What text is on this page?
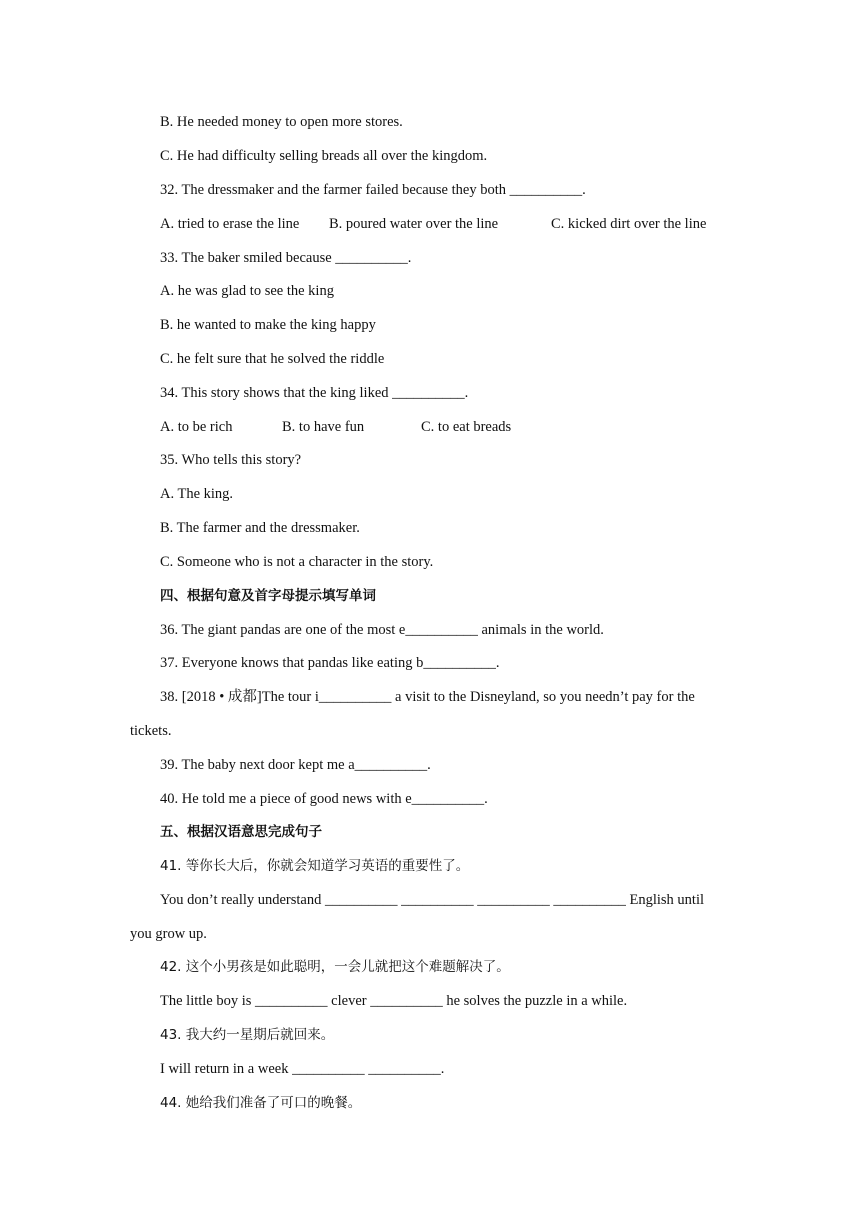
B. He needed money to open more stores.
C. He had difficulty selling breads all over the kingdom.
32. The dressmaker and the farmer failed because they both __________.
A. tried to erase the line B. poured water over the line	C. kicked dirt over the line
33. The baker smiled because __________.
A. he was glad to see the king
B. he wanted to make the king happy
C. he felt sure that he solved the riddle
34. This story shows that the king liked __________.
A. to be rich	B. to have fun	C. to eat breads
35. Who tells this story?
A. The king.
B. The farmer and the dressmaker.
C. Someone who is not a character in the story.
四、根据句意及首字母提示填写单词
36. The giant pandas are one of the most e__________ animals in the world.
37. Everyone knows that pandas like eating b__________.
38. [2018 • 成都]The tour i__________ a visit to the Disneyland, so you needn’t pay for the
tickets.
39. The baby next door kept me a__________.
40. He told me a piece of good news with e__________.
五、根据汉语意思完成句子
41. 等你长大后，你就会知道学习英语的重要性了。
You don’t really understand __________ __________ __________ __________ English until
you grow up.
42. 这个小男孩是如此聪明，一会儿就把这个难题解决了。
The little boy is __________ clever __________ he solves the puzzle in a while.
43. 我大约一星期后就回来。
I will return in a week __________ __________.
44. 她给我们准备了可口的晚餐。
